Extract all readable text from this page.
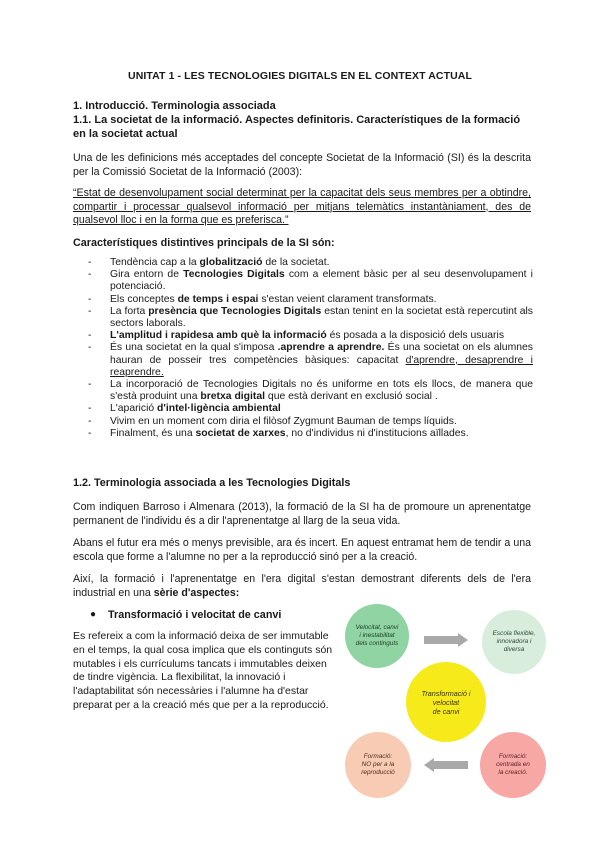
UNITAT 1 - LES TECNOLOGIES DIGITALS EN EL CONTEXT ACTUAL
1. Introducció. Terminologia associada
1.1. La societat de la informació. Aspectes definitoris. Característiques de la formació en la societat actual
Una de les definicions més acceptades del concepte Societat de la Informació (SI) és la descrita per la Comissió Societat de la Informació (2003):
“Estat de desenvolupament social determinat per la capacitat dels seus membres per a obtindre, compartir i processar qualsevol informació per mitjans telemàtics instantàniament, des de qualsevol lloc i en la forma que es preferisca.”
Característiques distintives principals de la SI són:
- Tendència cap a la globalització de la societat.
- Gira entorn de Tecnologies Digitals com a element bàsic per al seu desenvolupament i potenciació.
- Els conceptes de temps i espai s'estan veient clarament transformats.
- La forta presència que Tecnologies Digitals estan tenint en la societat està repercutint als sectors laborals.
- L'amplitud i rapidesa amb què la informació és posada a la disposició dels usuaris
- És una societat en la qual s'imposa .aprendre a aprendre. És una societat on els alumnes hauran de posseir tres competències bàsiques: capacitat d'aprendre, desaprendre i reaprendre.
- La incorporació de Tecnologies Digitals no és uniforme en tots els llocs, de manera que s'està produint una bretxa digital que està derivant en exclusió social .
- L'aparició d'intel·ligència ambiental
- Vivim en un moment com diria el filòsof Zygmunt Bauman de temps líquids.
- Finalment, és una societat de xarxes, no d'individus ni d'institucions aïllades.
1.2. Terminologia associada a les Tecnologies Digitals
Com indiquen Barroso i Almenara (2013), la formació de la SI ha de promoure un aprenentatge permanent de l'individu és a dir l'aprenentatge al llarg de la seua vida.
Abans el futur era més o menys previsible, ara és incert. En aquest entramat hem de tendir a una escola que forme a l'alumne no per a la reproducció sinó per a la creació.
Així, la formació i l'aprenentatge en l'era digital s'estan demostrant diferents dels de l'era industrial en una sèrie d'aspectes:
● Transformació i velocitat de canvi
Es refereix a com la informació deixa de ser immutable en el temps, la qual cosa implica que els continguts són mutables i els currículums tancats i immutables deixen de tindre vigència. La flexibilitat, la innovació i l'adaptabilitat són necessàries i l'alumne ha d'estar preparat per a la creació més que per a la reproducció.
Velocitat, canvi
i inestabilitat
dels continguts
Escola flexible,
innovadora i
diversa
Transformació i
velocitat
de canvi
Formació:
NO per a la
reproducció
Formació:
centrada en
la creació.
